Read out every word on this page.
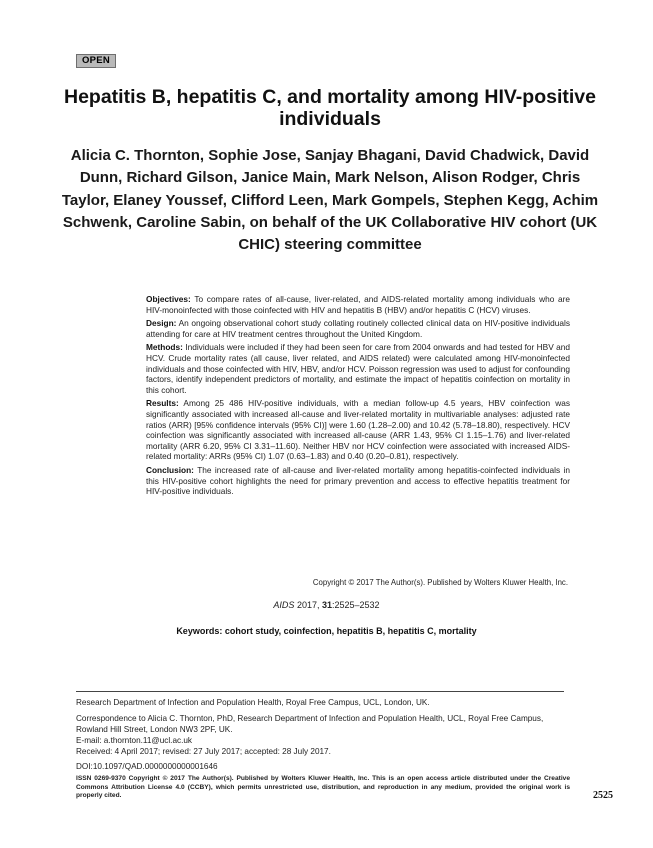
OPEN
Hepatitis B, hepatitis C, and mortality among HIV-positive individuals
Alicia C. Thornton, Sophie Jose, Sanjay Bhagani, David Chadwick, David Dunn, Richard Gilson, Janice Main, Mark Nelson, Alison Rodger, Chris Taylor, Elaney Youssef, Clifford Leen, Mark Gompels, Stephen Kegg, Achim Schwenk, Caroline Sabin, on behalf of the UK Collaborative HIV cohort (UK CHIC) steering committee

Objectives: To compare rates of all-cause, liver-related, and AIDS-related mortality among individuals who are HIV-monoinfected with those coinfected with HIV and hepatitis B (HBV) and/or hepatitis C (HCV) viruses.

Design: An ongoing observational cohort study collating routinely collected clinical data on HIV-positive individuals attending for care at HIV treatment centres throughout the United Kingdom.

Methods: Individuals were included if they had been seen for care from 2004 onwards and had tested for HBV and HCV. Crude mortality rates (all cause, liver related, and AIDS related) were calculated among HIV-monoinfected individuals and those coinfected with HIV, HBV, and/or HCV. Poisson regression was used to adjust for confounding factors, identify independent predictors of mortality, and estimate the impact of hepatitis coinfection on mortality in this cohort.

Results: Among 25 486 HIV-positive individuals, with a median follow-up 4.5 years, HBV coinfection was significantly associated with increased all-cause and liver-related mortality in multivariable analyses: adjusted rate ratios (ARR) [95% confidence intervals (95% CI)] were 1.60 (1.28–2.00) and 10.42 (5.78–18.80), respectively. HCV coinfection was significantly associated with increased all-cause (ARR 1.43, 95% CI 1.15–1.76) and liver-related mortality (ARR 6.20, 95% CI 3.31–11.60). Neither HBV nor HCV coinfection were associated with increased AIDS-related mortality: ARRs (95% CI) 1.07 (0.63–1.83) and 0.40 (0.20–0.81), respectively.

Conclusion: The increased rate of all-cause and liver-related mortality among hepatitis-coinfected individuals in this HIV-positive cohort highlights the need for primary prevention and access to effective hepatitis treatment for HIV-positive individuals.

Copyright © 2017 The Author(s). Published by Wolters Kluwer Health, Inc.
AIDS 2017, 31:2525–2532
Keywords: cohort study, coinfection, hepatitis B, hepatitis C, mortality

Research Department of Infection and Population Health, Royal Free Campus, UCL, London, UK.

Correspondence to Alicia C. Thornton, PhD, Research Department of Infection and Population Health, UCL, Royal Free Campus, Rowland Hill Street, London NW3 2PF, UK.

E-mail: a.thornton.11@ucl.ac.uk

Received: 4 April 2017; revised: 27 July 2017; accepted: 28 July 2017.

DOI:10.1097/QAD.0000000000001646
ISSN 0269-9370 Copyright © 2017 The Author(s). Published by Wolters Kluwer Health, Inc. This is an open access article distributed under the Creative Commons Attribution License 4.0 (CCBY), which permits unrestricted use, distribution, and reproduction in any medium, provided the original work is properly cited.	2525
